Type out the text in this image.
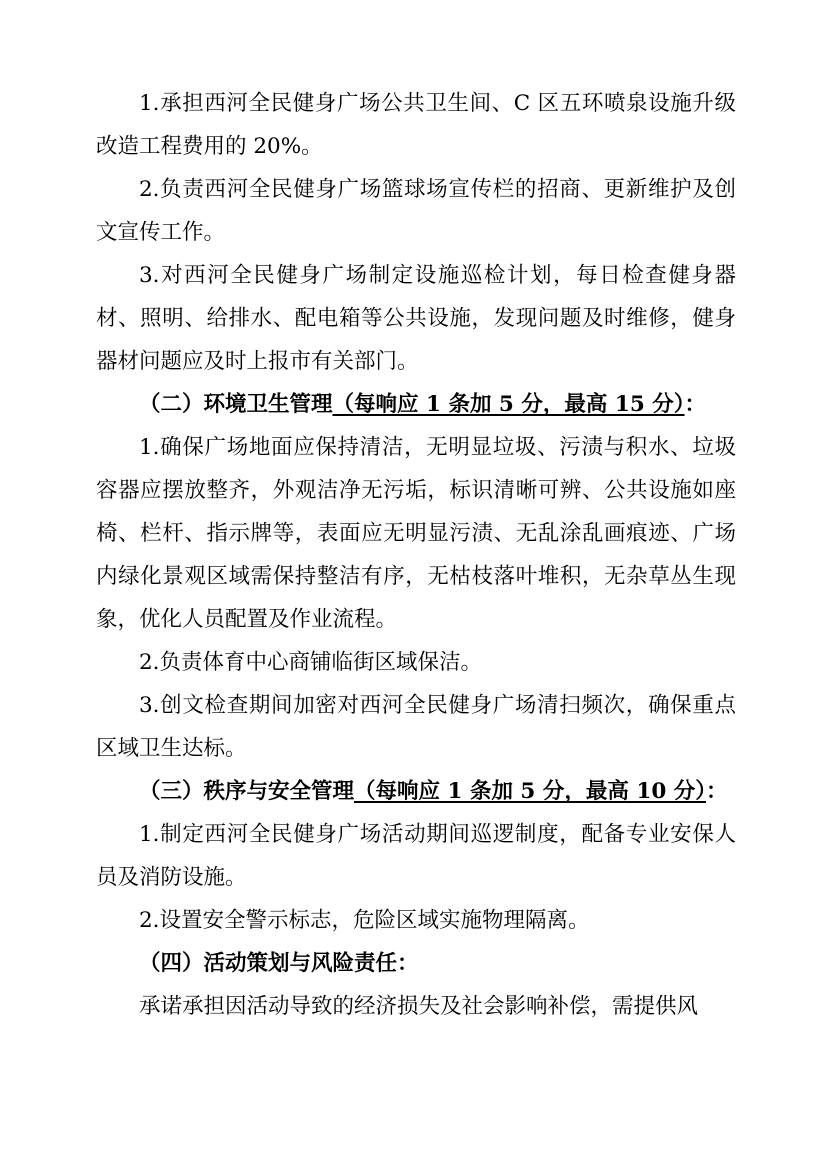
1.承担西河全民健身广场公共卫生间、C 区五环喷泉设施升级改造工程费用的 20%。

2.负责西河全民健身广场篮球场宣传栏的招商、更新维护及创文宣传工作。

3.对西河全民健身广场制定设施巡检计划，每日检查健身器材、照明、给排水、配电箱等公共设施，发现问题及时维修，健身器材问题应及时上报市有关部门。

（二）环境卫生管理（每响应 1 条加 5 分，最高 15 分）：

1.确保广场地面应保持清洁，无明显垃圾、污渍与积水、垃圾容器应摆放整齐，外观洁净无污垢，标识清晰可辨、公共设施如座椅、栏杆、指示牌等，表面应无明显污渍、无乱涂乱画痕迹、广场内绿化景观区域需保持整洁有序，无枯枝落叶堆积，无杂草丛生现象，优化人员配置及作业流程。

2.负责体育中心商铺临街区域保洁。

3.创文检查期间加密对西河全民健身广场清扫频次，确保重点区域卫生达标。

（三）秩序与安全管理（每响应 1 条加 5 分，最高 10 分）：

1.制定西河全民健身广场活动期间巡逻制度，配备专业安保人员及消防设施。

2.设置安全警示标志，危险区域实施物理隔离。

（四）活动策划与风险责任：

承诺承担因活动导致的经济损失及社会影响补偿，需提供风
